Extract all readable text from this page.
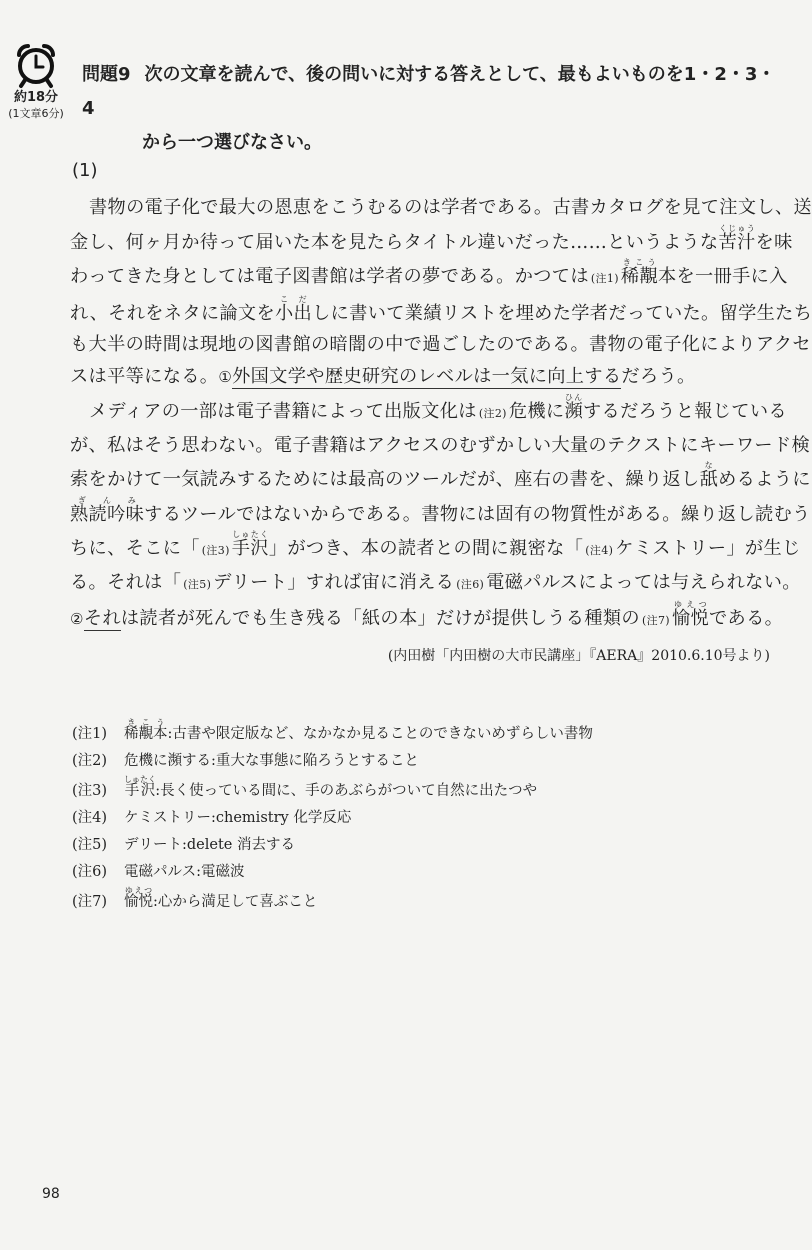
約18分
(1文章6分)
問題9 次の文章を読んで、後の問いに対する答えとして、最もよいものを1・2・3・4
から一つ選びなさい。
(1)
書物の電子化で最大の恩恵をこうむるのは学者である。古書カタログを見て注文し、送
金し、何ヶ月か待って届いた本を見たらタイトル違いだった……というような苦汁くじゅうを味
わってきた身としては電子図書館は学者の夢である。かつては (注1) 稀覯きこう本を一冊手に入
れ、それをネタに論文を小出こだしに書いて業績リストを埋めた学者だっていた。留学生たち
も大半の時間は現地の図書館の暗闇の中で過ごしたのである。書物の電子化によりアクセ
スは平等になる。①外国文学や歴史研究のレベルは一気に向上するだろう。
メディアの一部は電子書籍によって出版文化は (注2) 危機に瀕ひんするだろうと報じている
が、私はそう思わない。電子書籍はアクセスのむずかしい大量のテクストにキーワード検
索をかけて一気読みするためには最高のツールだが、座右の書を、繰り返し舐なめるように
熟読吟味ぎんみするツールではないからである。書物には固有の物質性がある。繰り返し読むう
ちに、そこに「 (注3) 手沢しゅたく」がつき、本の読者との間に親密な「 (注4) ケミストリー」が生じ
る。それは「 (注5) デリート」すれば宙に消える (注6) 電磁パルスによっては与えられない。
②それは読者が死んでも生き残る「紙の本」だけが提供しうる種類の (注7) 愉悦ゆえつである。
(内田樹「内田樹の大市民講座」『AERA』2010.6.10号より)
(注1) 稀覯本きこう:古書や限定版など、なかなか見ることのできないめずらしい書物
(注2) 危機に瀕する:重大な事態に陥ろうとすること
(注3) 手沢しゅたく:長く使っている間に、手のあぶらがついて自然に出たつや
(注4) ケミストリー:chemistry 化学反応
(注5) デリート:delete 消去する
(注6) 電磁パルス:電磁波
(注7) 愉悦ゆえつ:心から満足して喜ぶこと
98
